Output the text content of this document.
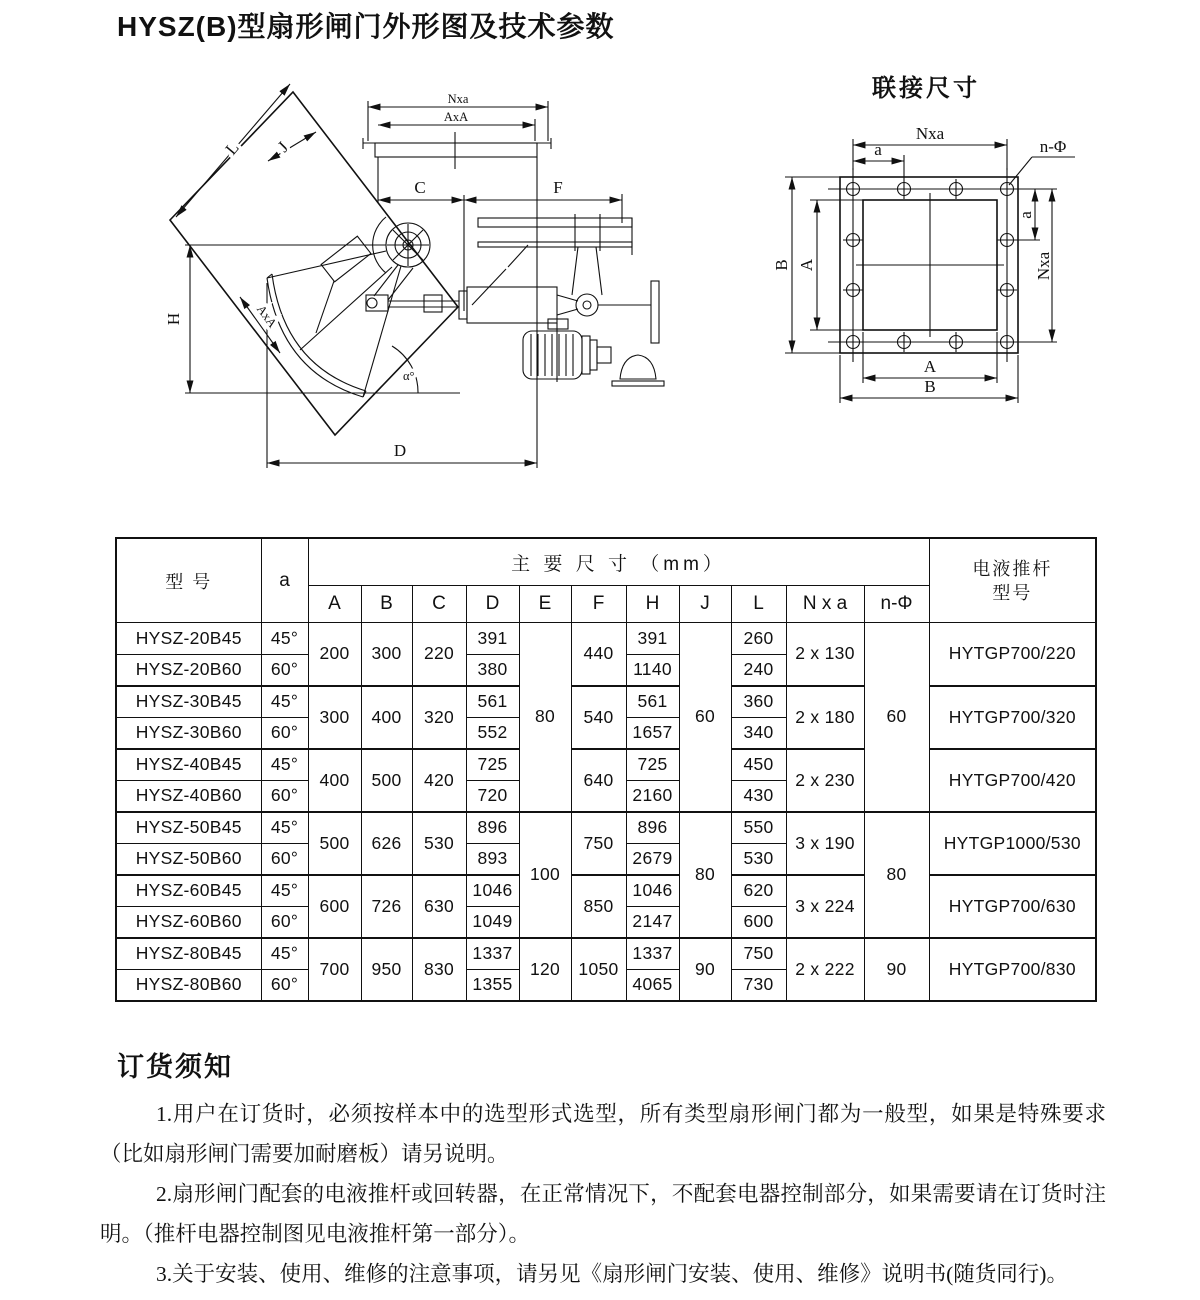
HYSZ(B)型扇形闸门外形图及技术参数
Nxa
AxA
C	F
L J
H
D
AxA
α°
联接尺寸
Nxa
a	n-Φ
B A
a
Nxa
A
B
型 号	a	主 要 尺 寸 （mm）											电液推杆
型号

		A	B	C	D	E	F	H	J	L	N x a	n-Φ	
HYSZ-20B45	45°	200	300	220	391	80	440	391	60	260	2 x 130	60	HYTGP700/220
HYSZ-20B60	60°				380			1140		240			
HYSZ-30B45	45°	300	400	320	561		540	561		360	2 x 180		HYTGP700/320
HYSZ-30B60	60°				552			1657		340			
HYSZ-40B45	45°	400	500	420	725		640	725		450	2 x 230		HYTGP700/420
HYSZ-40B60	60°				720			2160		430			
HYSZ-50B45	45°	500	626	530	896	100	750	896	80	550	3 x 190	80	HYTGP1000/530
HYSZ-50B60	60°				893			2679		530			
HYSZ-60B45	45°	600	726	630	1046		850	1046		620	3 x 224		HYTGP700/630
HYSZ-60B60	60°				1049			2147		600			
HYSZ-80B45	45°	700	950	830	1337	120	1050	1337	90	750	2 x 222	90	HYTGP700/830
HYSZ-80B60	60°				1355			4065		730			
订货须知

1.用户在订货时，必须按样本中的选型形式选型，所有类型扇形闸门都为一般型，如果是特殊要求（比如扇形闸门需要加耐磨板）请另说明。

2.扇形闸门配套的电液推杆或回转器，在正常情况下，不配套电器控制部分，如果需要请在订货时注明。（推杆电器控制图见电液推杆第一部分）。

3.关于安装、使用、维修的注意事项，请另见《扇形闸门安装、使用、维修》说明书(随货同行)。
